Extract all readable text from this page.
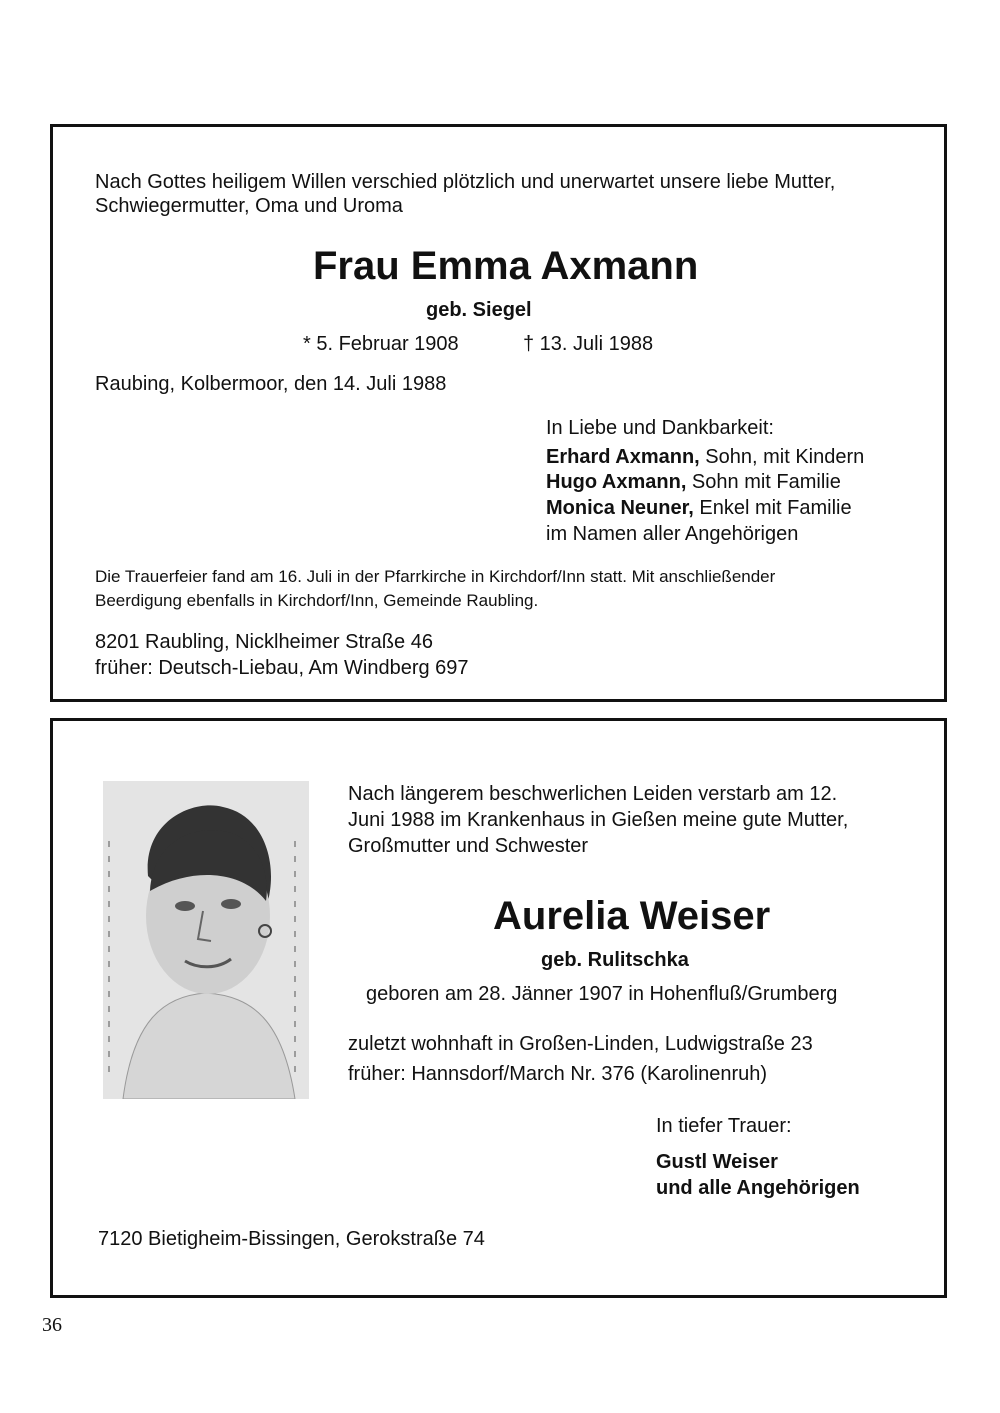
Nach Gottes heiligem Willen verschied plötzlich und unerwartet unsere liebe Mutter,
Schwiegermutter, Oma und Uroma
Frau Emma Axmann
geb. Siegel
* 5. Februar 1908	† 13. Juli 1988
Raubing, Kolbermoor, den 14. Juli 1988
In Liebe und Dankbarkeit:
Erhard Axmann, Sohn, mit Kindern
Hugo Axmann, Sohn mit Familie
Monica Neuner, Enkel mit Familie
im Namen aller Angehörigen
Die Trauerfeier fand am 16. Juli in der Pfarrkirche in Kirchdorf/Inn statt. Mit anschließender
Beerdigung ebenfalls in Kirchdorf/Inn, Gemeinde Raubling.
8201 Raubling, Nicklheimer Straße 46
früher: Deutsch-Liebau, Am Windberg 697
Nach längerem beschwerlichen Leiden verstarb am 12.
Juni 1988 im Krankenhaus in Gießen meine gute Mutter,
Großmutter und Schwester
Aurelia Weiser
geb. Rulitschka
geboren am 28. Jänner 1907 in Hohenfluß/Grumberg
zuletzt wohnhaft in Großen-Linden, Ludwigstraße 23
früher: Hannsdorf/March Nr. 376 (Karolinenruh)
In tiefer Trauer:
Gustl Weiser
und alle Angehörigen
7120 Bietigheim-Bissingen, Gerokstraße 74
36
